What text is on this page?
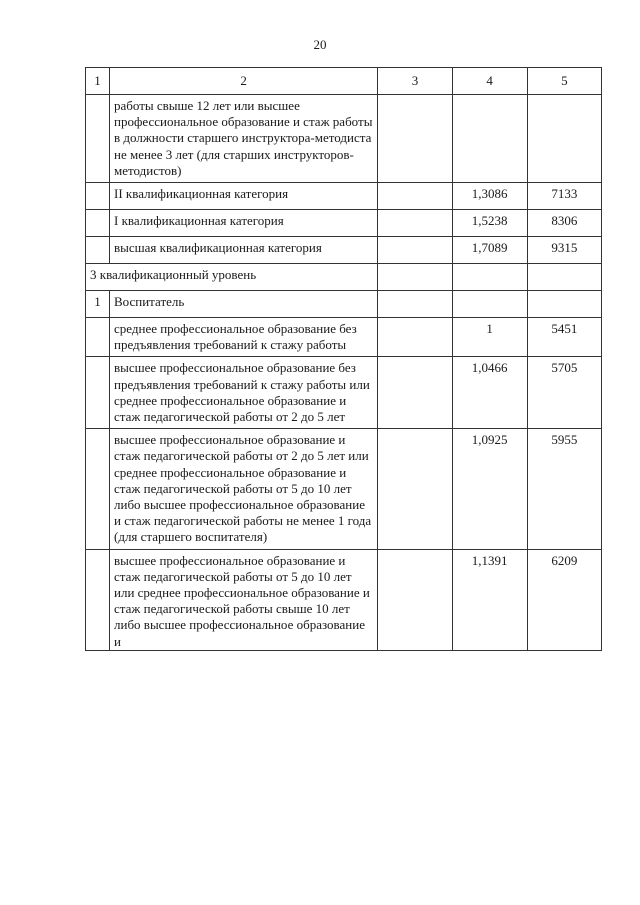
20
1	2	3	4	5
	работы свыше 12 лет или высшее профессиональное образование и стаж работы в должности старшего инструктора-методиста не менее 3 лет (для старших инструкторов-методистов)			
	II квалификационная категория		1,3086	7133
	I квалификационная категория		1,5238	8306
	высшая квалификационная категория		1,7089	9315
3 квалификационный уровень				
1	Воспитатель			
	среднее профессиональное образование без предъявления требований к стажу работы		1	5451
	высшее профессиональное образование без предъявления требований к стажу работы или среднее профессиональное образование и стаж педагогической работы от 2 до 5 лет		1,0466	5705
	высшее профессиональное образование и стаж педагогической работы от 2 до 5 лет или среднее профессиональное образование и стаж педагогической работы от 5 до 10 лет либо высшее профессиональное образование и стаж педагогической работы не менее 1 года (для старшего воспитателя)		1,0925	5955
	высшее профессиональное образование и стаж педагогической работы от 5 до 10 лет или среднее профессиональное образование и стаж педагогической работы свыше 10 лет либо высшее профессиональное образование и		1,1391	6209
